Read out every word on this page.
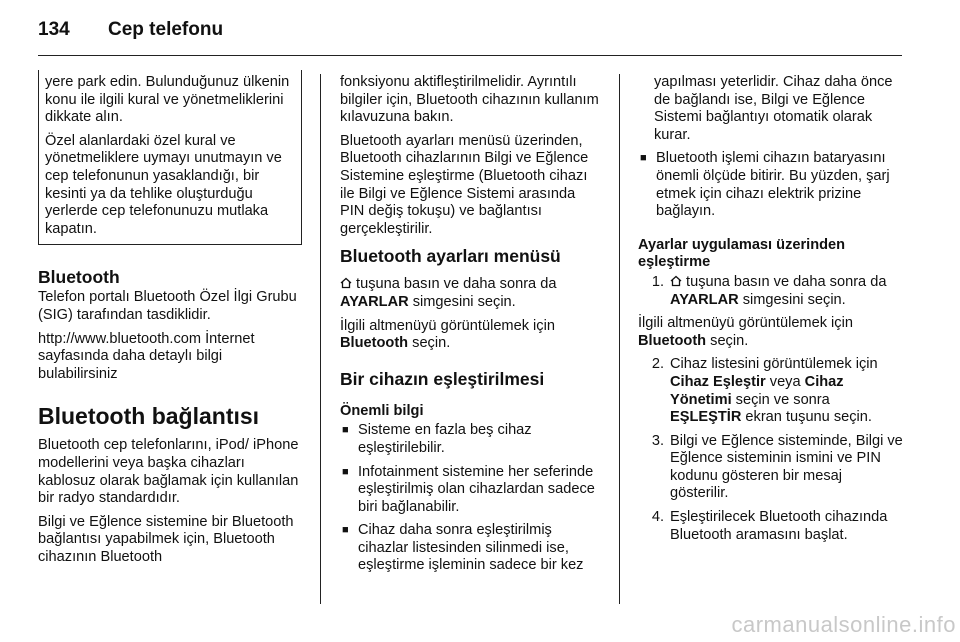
134	Cep telefonu

yere park edin. Bulunduğunuz ülkenin konu ile ilgili kural ve yönetmeliklerini dikkate alın.

Özel alanlardaki özel kural ve yönetmeliklere uymayı unutmayın ve cep telefonunun yasaklandığı, bir kesinti ya da tehlike oluşturduğu yerlerde cep telefonunuzu mutlaka kapatın.

Bluetooth

Telefon portalı Bluetooth Özel İlgi Grubu (SIG) tarafından tasdiklidir.

http://www.bluetooth.com İnternet sayfasında daha detaylı bilgi bulabilirsiniz

Bluetooth bağlantısı

Bluetooth cep telefonlarını, iPod/ iPhone modellerini veya başka cihazları kablosuz olarak bağlamak için kullanılan bir radyo standardıdır.

Bilgi ve Eğlence sistemine bir Bluetooth bağlantısı yapabilmek için, Bluetooth cihazının Bluetooth

fonksiyonu aktifleştirilmelidir. Ayrıntılı bilgiler için, Bluetooth cihazının kullanım kılavuzuna bakın.

Bluetooth ayarları menüsü üzerinden, Bluetooth cihazlarının Bilgi ve Eğlence Sistemine eşleştirme (Bluetooth cihazı ile Bilgi ve Eğlence Sistemi arasında PIN değiş tokuşu) ve bağlantısı gerçekleştirilir.

Bluetooth ayarları menüsü

tuşuna basın ve daha sonra da
AYARLAR simgesini seçin.

İlgili altmenüyü görüntülemek için
Bluetooth seçin.

Bir cihazın eşleştirilmesi
Önemli bilgi
■ Sisteme en fazla beş cihaz eşleştirilebilir.
■ Infotainment sistemine her seferinde eşleştirilmiş olan cihazlardan sadece biri bağlanabilir.
■ Cihaz daha sonra eşleştirilmiş cihazlar listesinden silinmedi ise, eşleştirme işleminin sadece bir kez

yapılması yeterlidir. Cihaz daha önce de bağlandı ise, Bilgi ve Eğlence Sistemi bağlantıyı otomatik olarak kurar.

■ Bluetooth işlemi cihazın bataryasını önemli ölçüde bitirir. Bu yüzden, şarj etmek için cihazı elektrik prizine bağlayın.
Ayarlar uygulaması üzerinden eşleştirme
1.	tuşuna basın ve daha sonra da
AYARLAR simgesini seçin.

İlgili altmenüyü görüntülemek için
Bluetooth seçin.

2. Cihaz listesini görüntülemek için
Cihaz Eşleştir veya Cihaz Yönetimi seçin ve sonra
EŞLEŞTİR ekran tuşunu seçin.
3. Bilgi ve Eğlence sisteminde, Bilgi ve Eğlence sisteminin ismini ve PIN kodunu gösteren bir mesaj gösterilir.
4. Eşleştirilecek Bluetooth cihazında Bluetooth aramasını başlat.
carmanualsonline.info
